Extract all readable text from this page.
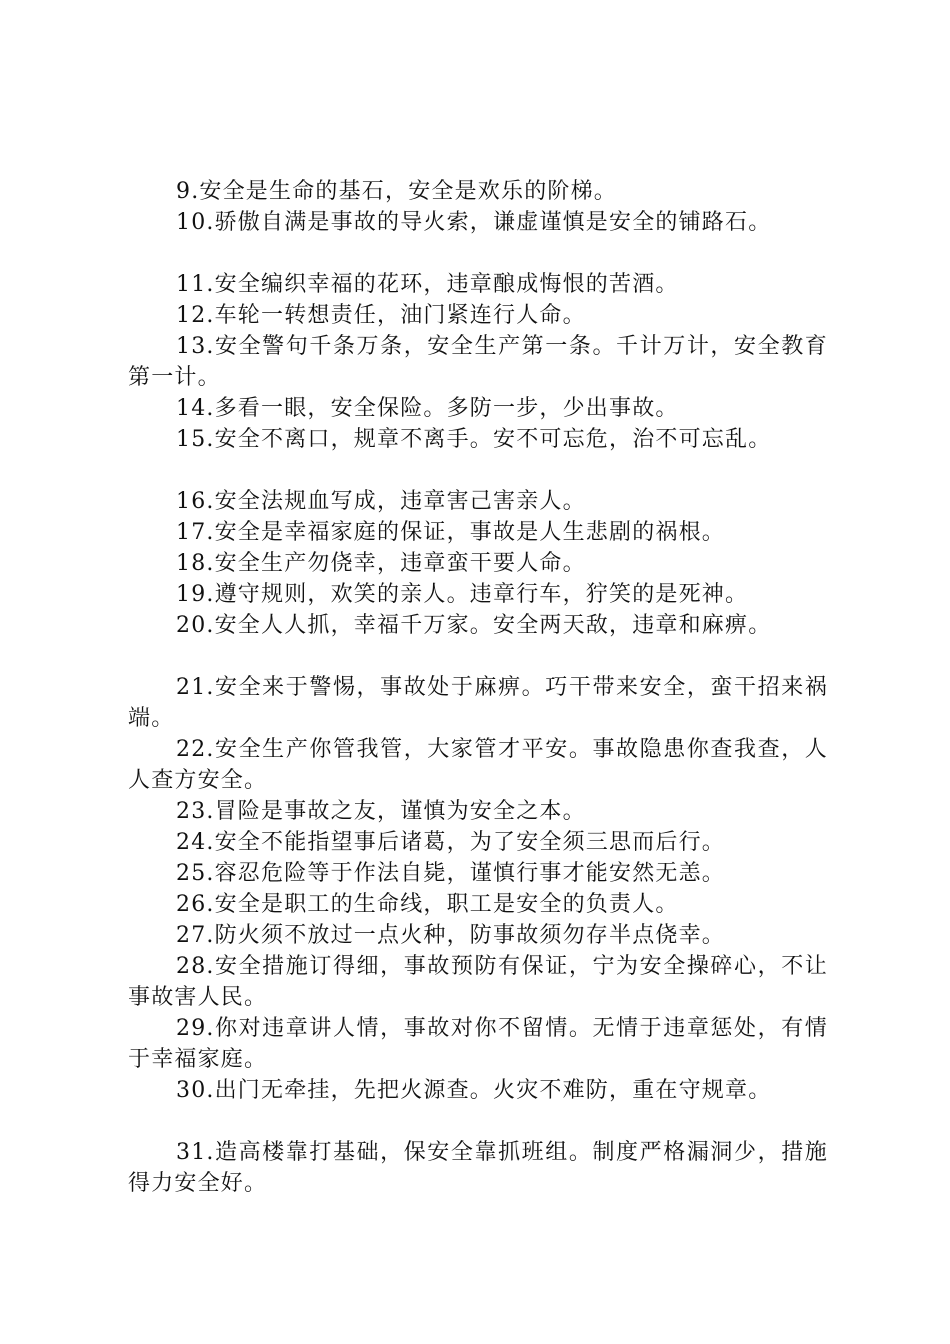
9.安全是生命的基石，安全是欢乐的阶梯。

10.骄傲自满是事故的导火索，谦虚谨慎是安全的铺路石。

11.安全编织幸福的花环，违章酿成悔恨的苦酒。

12.车轮一转想责任，油门紧连行人命。

13.安全警句千条万条，安全生产第一条。千计万计，安全教育第一计。

14.多看一眼，安全保险。多防一步，少出事故。

15.安全不离口，规章不离手。安不可忘危，治不可忘乱。

16.安全法规血写成，违章害己害亲人。

17.安全是幸福家庭的保证，事故是人生悲剧的祸根。

18.安全生产勿侥幸，违章蛮干要人命。

19.遵守规则，欢笑的亲人。违章行车，狞笑的是死神。

20.安全人人抓，幸福千万家。安全两天敌，违章和麻痹。

21.安全来于警惕，事故处于麻痹。巧干带来安全，蛮干招来祸端。

22.安全生产你管我管，大家管才平安。事故隐患你查我查，人人查方安全。

23.冒险是事故之友，谨慎为安全之本。

24.安全不能指望事后诸葛，为了安全须三思而后行。

25.容忍危险等于作法自毙，谨慎行事才能安然无恙。

26.安全是职工的生命线，职工是安全的负责人。

27.防火须不放过一点火种，防事故须勿存半点侥幸。

28.安全措施订得细，事故预防有保证，宁为安全操碎心，不让事故害人民。

29.你对违章讲人情，事故对你不留情。无情于违章惩处，有情于幸福家庭。

30.出门无牵挂，先把火源查。火灾不难防，重在守规章。

31.造高楼靠打基础，保安全靠抓班组。制度严格漏洞少，措施得力安全好。
